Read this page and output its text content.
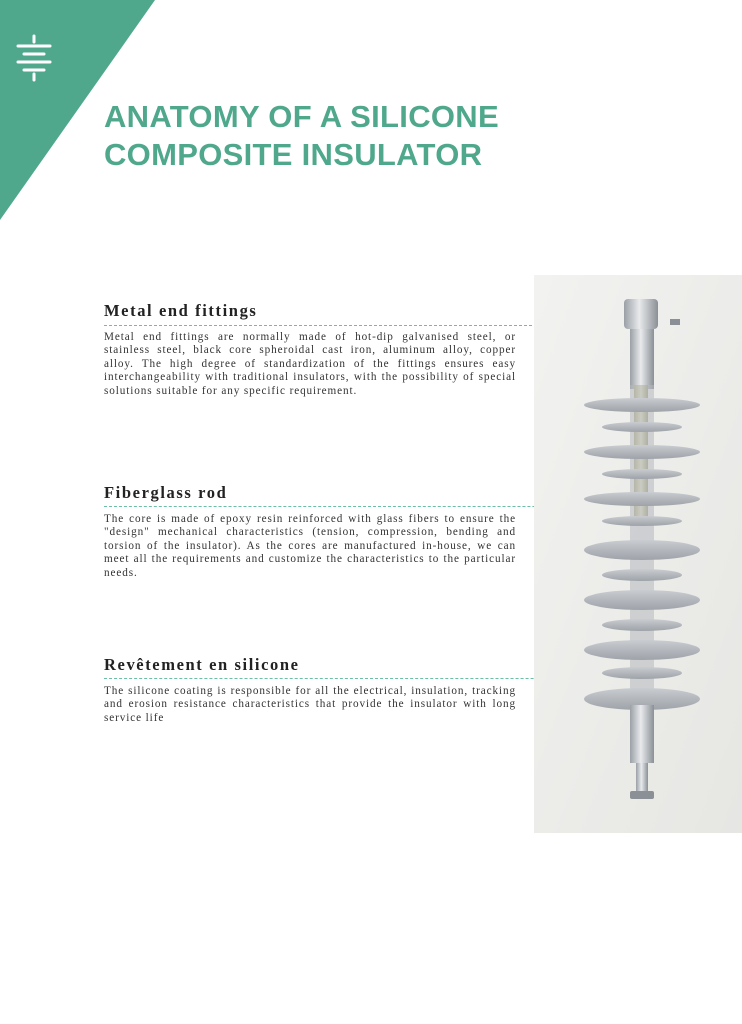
ANATOMY OF A SILICONE
COMPOSITE INSULATOR
Metal end fittings

Metal end fittings are normally made of hot-dip galvanised steel, or stainless steel, black core spheroidal cast iron, aluminum alloy, copper alloy. The high degree of standardization of the fittings ensures easy interchangeability with traditional insulators, with the possibility of special solutions suitable for any specific requirement.

Fiberglass rod

The core is made of epoxy resin reinforced with glass fibers to ensure the "design" mechanical characteristics (tension, compression, bending and torsion of the insulator). As the cores are manufactured in-house, we can meet all the requirements and customize the characteristics to the particular needs.

Revêtement en silicone

The silicone coating is responsible for all the electrical, insulation, tracking and erosion resistance characteristics that provide the insulator with long service life
